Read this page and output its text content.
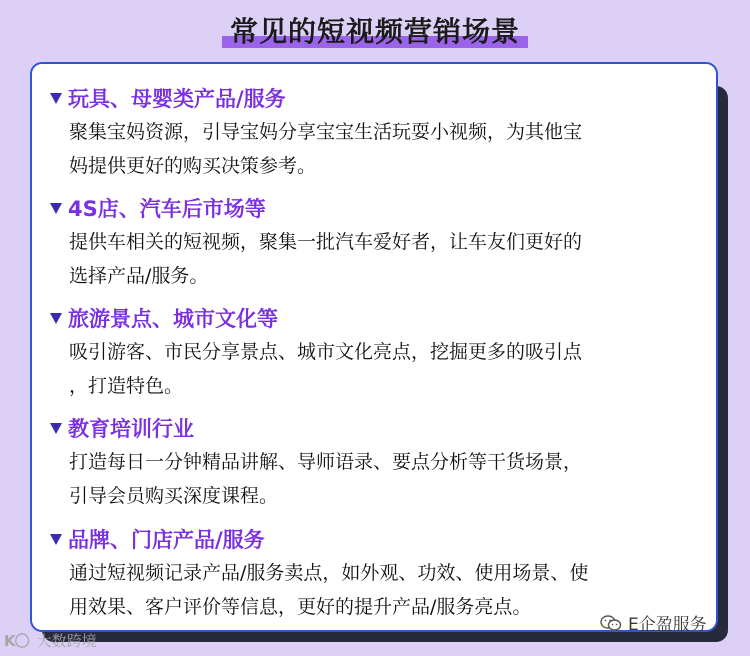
常见的短视频营销场景
玩具、母婴类产品/服务
聚集宝妈资源，引导宝妈分享宝宝生活玩耍小视频，为其他宝
妈提供更好的购买决策参考。
4S店、汽车后市场等
提供车相关的短视频，聚集一批汽车爱好者，让车友们更好的
选择产品/服务。
旅游景点、城市文化等
吸引游客、市民分享景点、城市文化亮点，挖掘更多的吸引点
，打造特色。
教育培训行业
打造每日一分钟精品讲解、导师语录、要点分析等干货场景，
引导会员购买深度课程。
品牌、门店产品/服务
通过短视频记录产品/服务卖点，如外观、功效、使用场景、使
用效果、客户评价等信息，更好的提升产品/服务亮点。
K〇 大数跨境
E企盈服务
